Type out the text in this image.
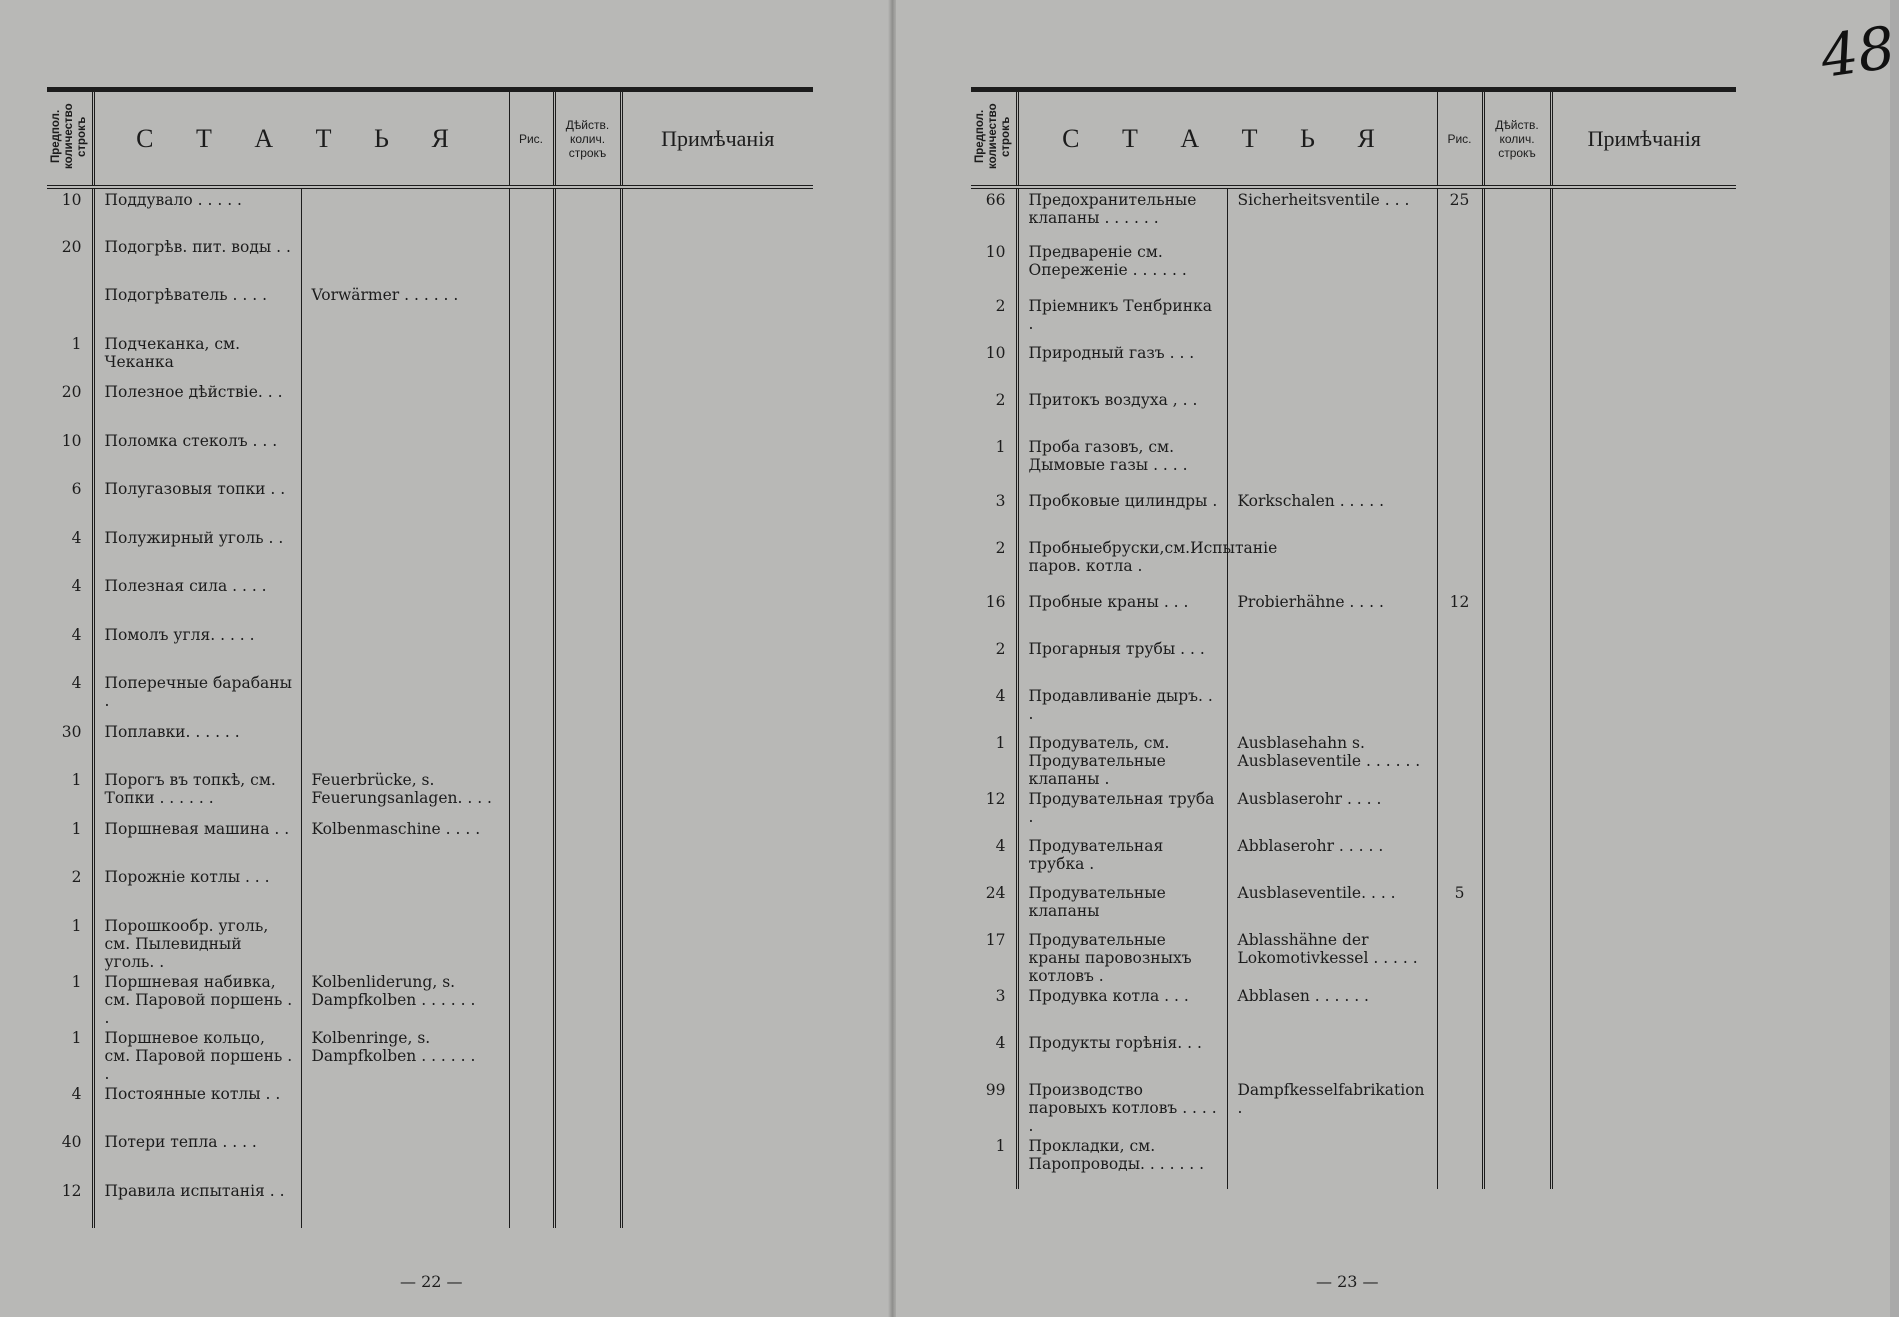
Предпол. количество строкъ	С Т А Т Ь Я		Рис.	Дѣйств. колич. строкъ	Примѣчанія
10	Поддувало . . . . .				
20	Подогрѣв. пит. воды . .				
	Подогрѣватель . . . .	Vorwärmer . . . . . .			
1	Подчеканка, см. Чеканка				
20	Полезное дѣйствіе. . .				
10	Поломка стеколъ . . .				
6	Полугазовыя топки . .				
4	Полужирный уголь . .				
4	Полезная сила . . . .				
4	Помолъ угля. . . . .				
4	Поперечные барабаны .				
30	Поплавки. . . . . .				
1	Порогъ въ топкѣ, см. Топки . . . . . .	Feuerbrücke, s. Feuerungsanlagen. . . .			
1	Поршневая машина . .	Kolbenmaschine . . . .			
2	Порожніе котлы . . .				
1	Порошкообр. уголь, см. Пылевидный уголь. .				
1	Поршневая набивка, см. Паровой поршень . .	Kolbenliderung, s. Dampfkolben . . . . . .			
1	Поршневое кольцо, см. Паровой поршень . .	Kolbenringe, s. Dampfkolben . . . . . .			
4	Постоянные котлы . .				
40	Потери тепла . . . .				
12	Правила испытанія . .				
— 22 —
48
Предпол. количество строкъ	С Т А Т Ь Я		Рис.	Дѣйств. колич. строкъ	Примѣчанія
66	Предохранительные клапаны . . . . . .	Sicherheitsventile . . .	25		
10	Предвареніе см. Опереженіе . . . . . .				
2	Пріемникъ Тенбринка .				
10	Природный газъ . . .				
2	Притокъ воздуха , . .				
1	Проба газовъ, см. Дымовые газы . . . .				
3	Пробковые цилиндры .	Korkschalen . . . . .			
2	Пробныебруски,см.Испытаніе паров. котла .				
16	Пробные краны . . .	Probierhähne . . . .	12		
2	Прогарныя трубы . . .				
4	Продавливаніе дыръ. . .				
1	Продуватель, см. Продувательные клапаны .	Ausblasehahn s. Ausblaseventile . . . . . .			
12	Продувательная труба .	Ausblaserohr . . . .			
4	Продувательная трубка .	Abblaserohr . . . . .			
24	Продувательные клапаны	Ausblaseventile. . . .	5		
17	Продувательные краны паровозныхъ котловъ .	Ablasshähne der Lokomotivkessel . . . . .			
3	Продувка котла . . .	Abblasen . . . . . .			
4	Продукты горѣнія. . .				
99	Производство паровыхъ котловъ . . . . .	Dampfkesselfabrikation .			
1	Прокладки, см. Паропроводы. . . . . . .				
— 23 —
